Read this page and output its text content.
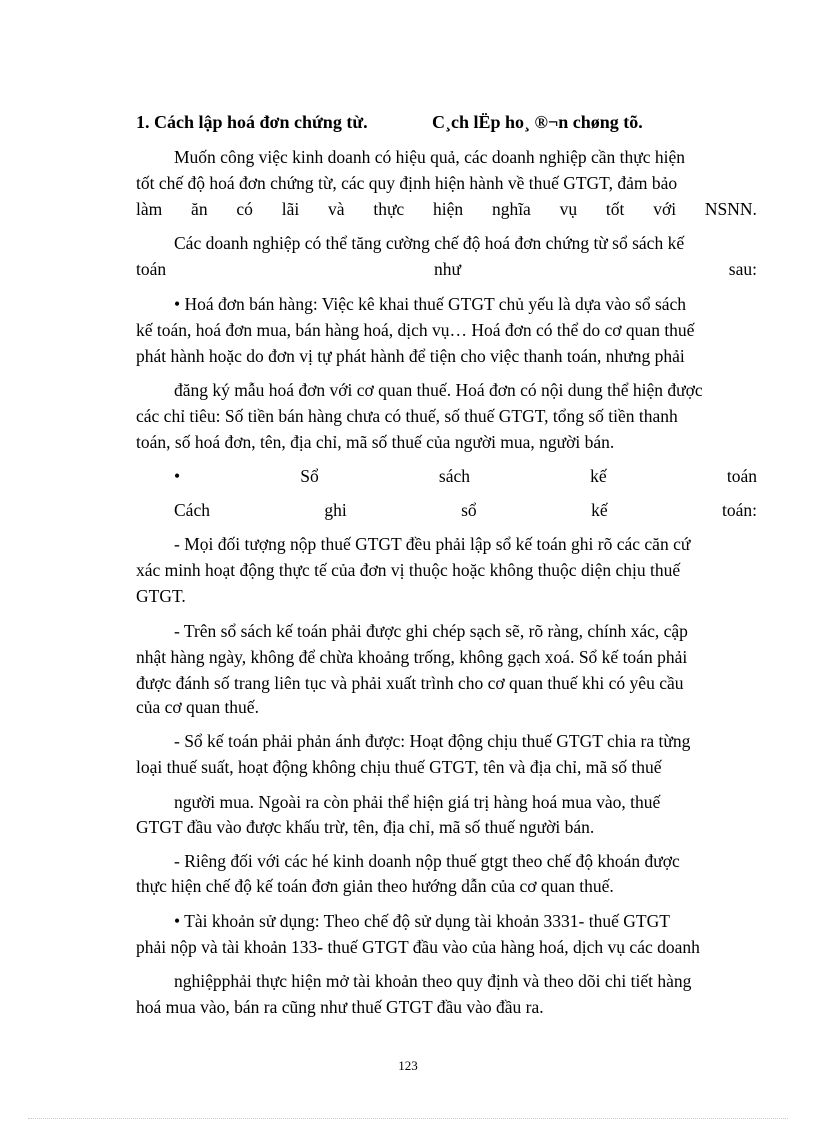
1. Cách lập hoá đơn chứng từ.	C¸ch lËp ho¸ ®¬n chøng tõ.
Muốn công việc kinh doanh có hiệu quả, các doanh nghiệp cần thực hiện
tốt chế độ hoá đơn chứng từ, các quy định hiện hành về thuế GTGT, đảm bảo
làm ăn có lãi và thực hiện nghĩa vụ tốt với NSNN.
Các doanh nghiệp có thể tăng cường chế độ hoá đơn chứng từ sổ sách kế
toán	như	sau:
• Hoá đơn bán hàng: Việc kê khai thuế GTGT chủ yếu là dựa vào sổ sách
kế toán, hoá đơn mua, bán hàng hoá, dịch vụ… Hoá đơn có thể do cơ quan thuế
phát hành hoặc do đơn vị tự phát hành để tiện cho việc thanh toán, nhưng phải
đăng ký mẫu hoá đơn với cơ quan thuế. Hoá đơn có nội dung thể hiện được
các chỉ tiêu: Số tiền bán hàng chưa có thuế, số thuế GTGT, tổng số tiền thanh
toán, số hoá đơn, tên, địa chỉ, mã số thuế của người mua, người bán.
•	Sổ	sách	kế	toán
Cách	ghi	sổ	kế	toán:
- Mọi đối tượng nộp thuế GTGT đều phải lập sổ kế toán ghi rõ các căn cứ
xác minh hoạt động thực tế của đơn vị thuộc hoặc không thuộc diện chịu thuế
GTGT.
- Trên sổ sách kế toán phải được ghi chép sạch sẽ, rõ ràng, chính xác, cập
nhật hàng ngày, không để chừa khoảng trống, không gạch xoá. Sổ kế toán phải
được đánh số trang liên tục và phải xuất trình cho cơ quan thuế khi có yêu cầu
của cơ quan thuế.
- Sổ kế toán phải phản ánh được: Hoạt động chịu thuế GTGT chia ra từng
loại thuế suất, hoạt động không chịu thuế GTGT, tên và địa chỉ, mã số thuế
người mua. Ngoài ra còn phải thể hiện giá trị hàng hoá mua vào, thuế
GTGT đầu vào được khấu trừ, tên, địa chỉ, mã số thuế người bán.
- Riêng đối với các hé kinh doanh nộp thuế gtgt theo chế độ khoán được
thực hiện chế độ kế toán đơn giản theo hướng dẫn của cơ quan thuế.
• Tài khoản sử dụng: Theo chế độ sử dụng tài khoản 3331- thuế GTGT
phải nộp và tài khoản 133- thuế GTGT đầu vào của hàng hoá, dịch vụ các doanh
nghiệpphải thực hiện mở tài khoản theo quy định và theo dõi chi tiết hàng
hoá mua vào, bán ra cũng như thuế GTGT đầu vào đầu ra.
123
